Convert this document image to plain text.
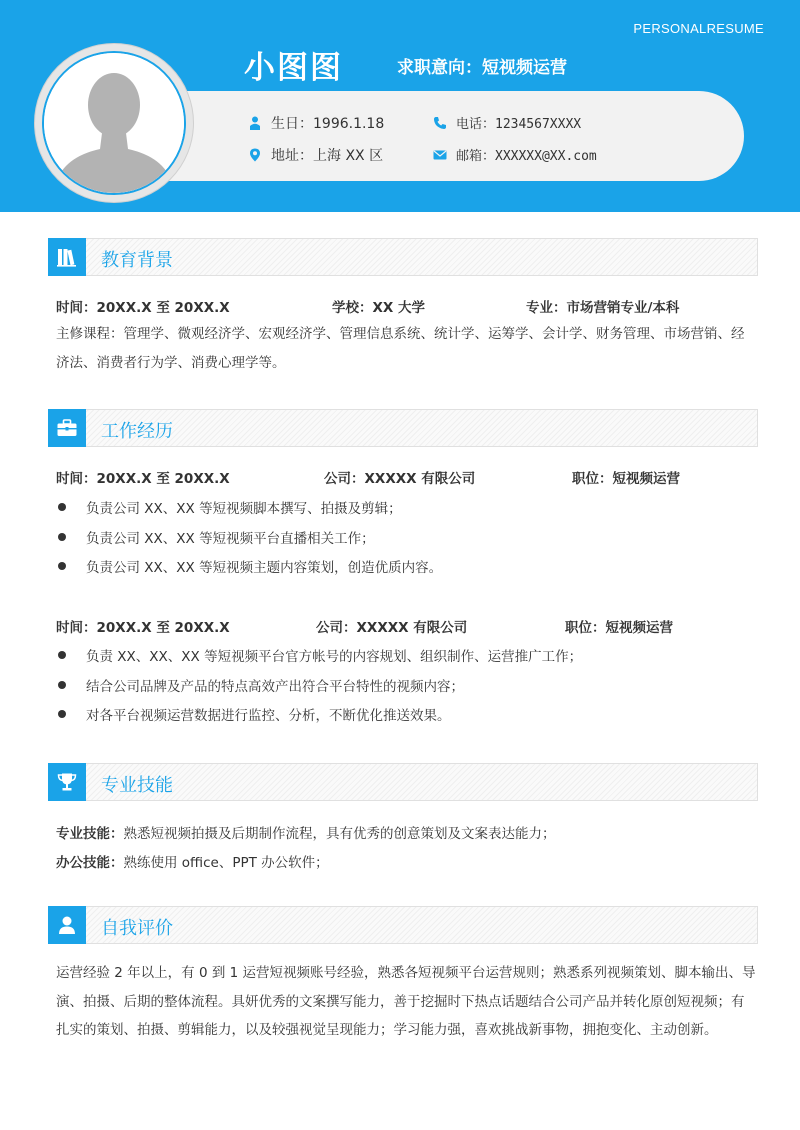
PERSONALRESUME
小图图	求职意向：短视频运营
生日：1996.1.18	电话：1234567XXXX
地址：上海 XX 区	邮箱：XXXXXX@XX.com
教育背景
时间：20XX.X 至 20XX.X	学校：XX 大学	专业：市场营销专业/本科
主修课程：管理学、微观经济学、宏观经济学、管理信息系统、统计学、运筹学、会计学、财务管理、市场营销、经济法、消费者行为学、消费心理学等。
工作经历
时间：20XX.X 至 20XX.X	公司：XXXXX 有限公司	职位：短视频运营
负责公司 XX、XX 等短视频脚本撰写、拍摄及剪辑；
负责公司 XX、XX 等短视频平台直播相关工作；
负责公司 XX、XX 等短视频主题内容策划，创造优质内容。
时间：20XX.X 至 20XX.X	公司：XXXXX 有限公司	职位：短视频运营
负责 XX、XX、XX 等短视频平台官方帐号的内容规划、组织制作、运营推广工作；
结合公司品牌及产品的特点高效产出符合平台特性的视频内容；
对各平台视频运营数据进行监控、分析，不断优化推送效果。
专业技能
专业技能：熟悉短视频拍摄及后期制作流程，具有优秀的创意策划及文案表达能力；
办公技能：熟练使用 office、PPT 办公软件；
自我评价
运营经验 2 年以上，有 0 到 1 运营短视频账号经验，熟悉各短视频平台运营规则；熟悉系列视频策划、脚本输出、导演、拍摄、后期的整体流程。具妍优秀的文案撰写能力，善于挖掘时下热点话题结合公司产品并转化原创短视频；有扎实的策划、拍摄、剪辑能力，以及较强视觉呈现能力；学习能力强，喜欢挑战新事物，拥抱变化、主动创新。
